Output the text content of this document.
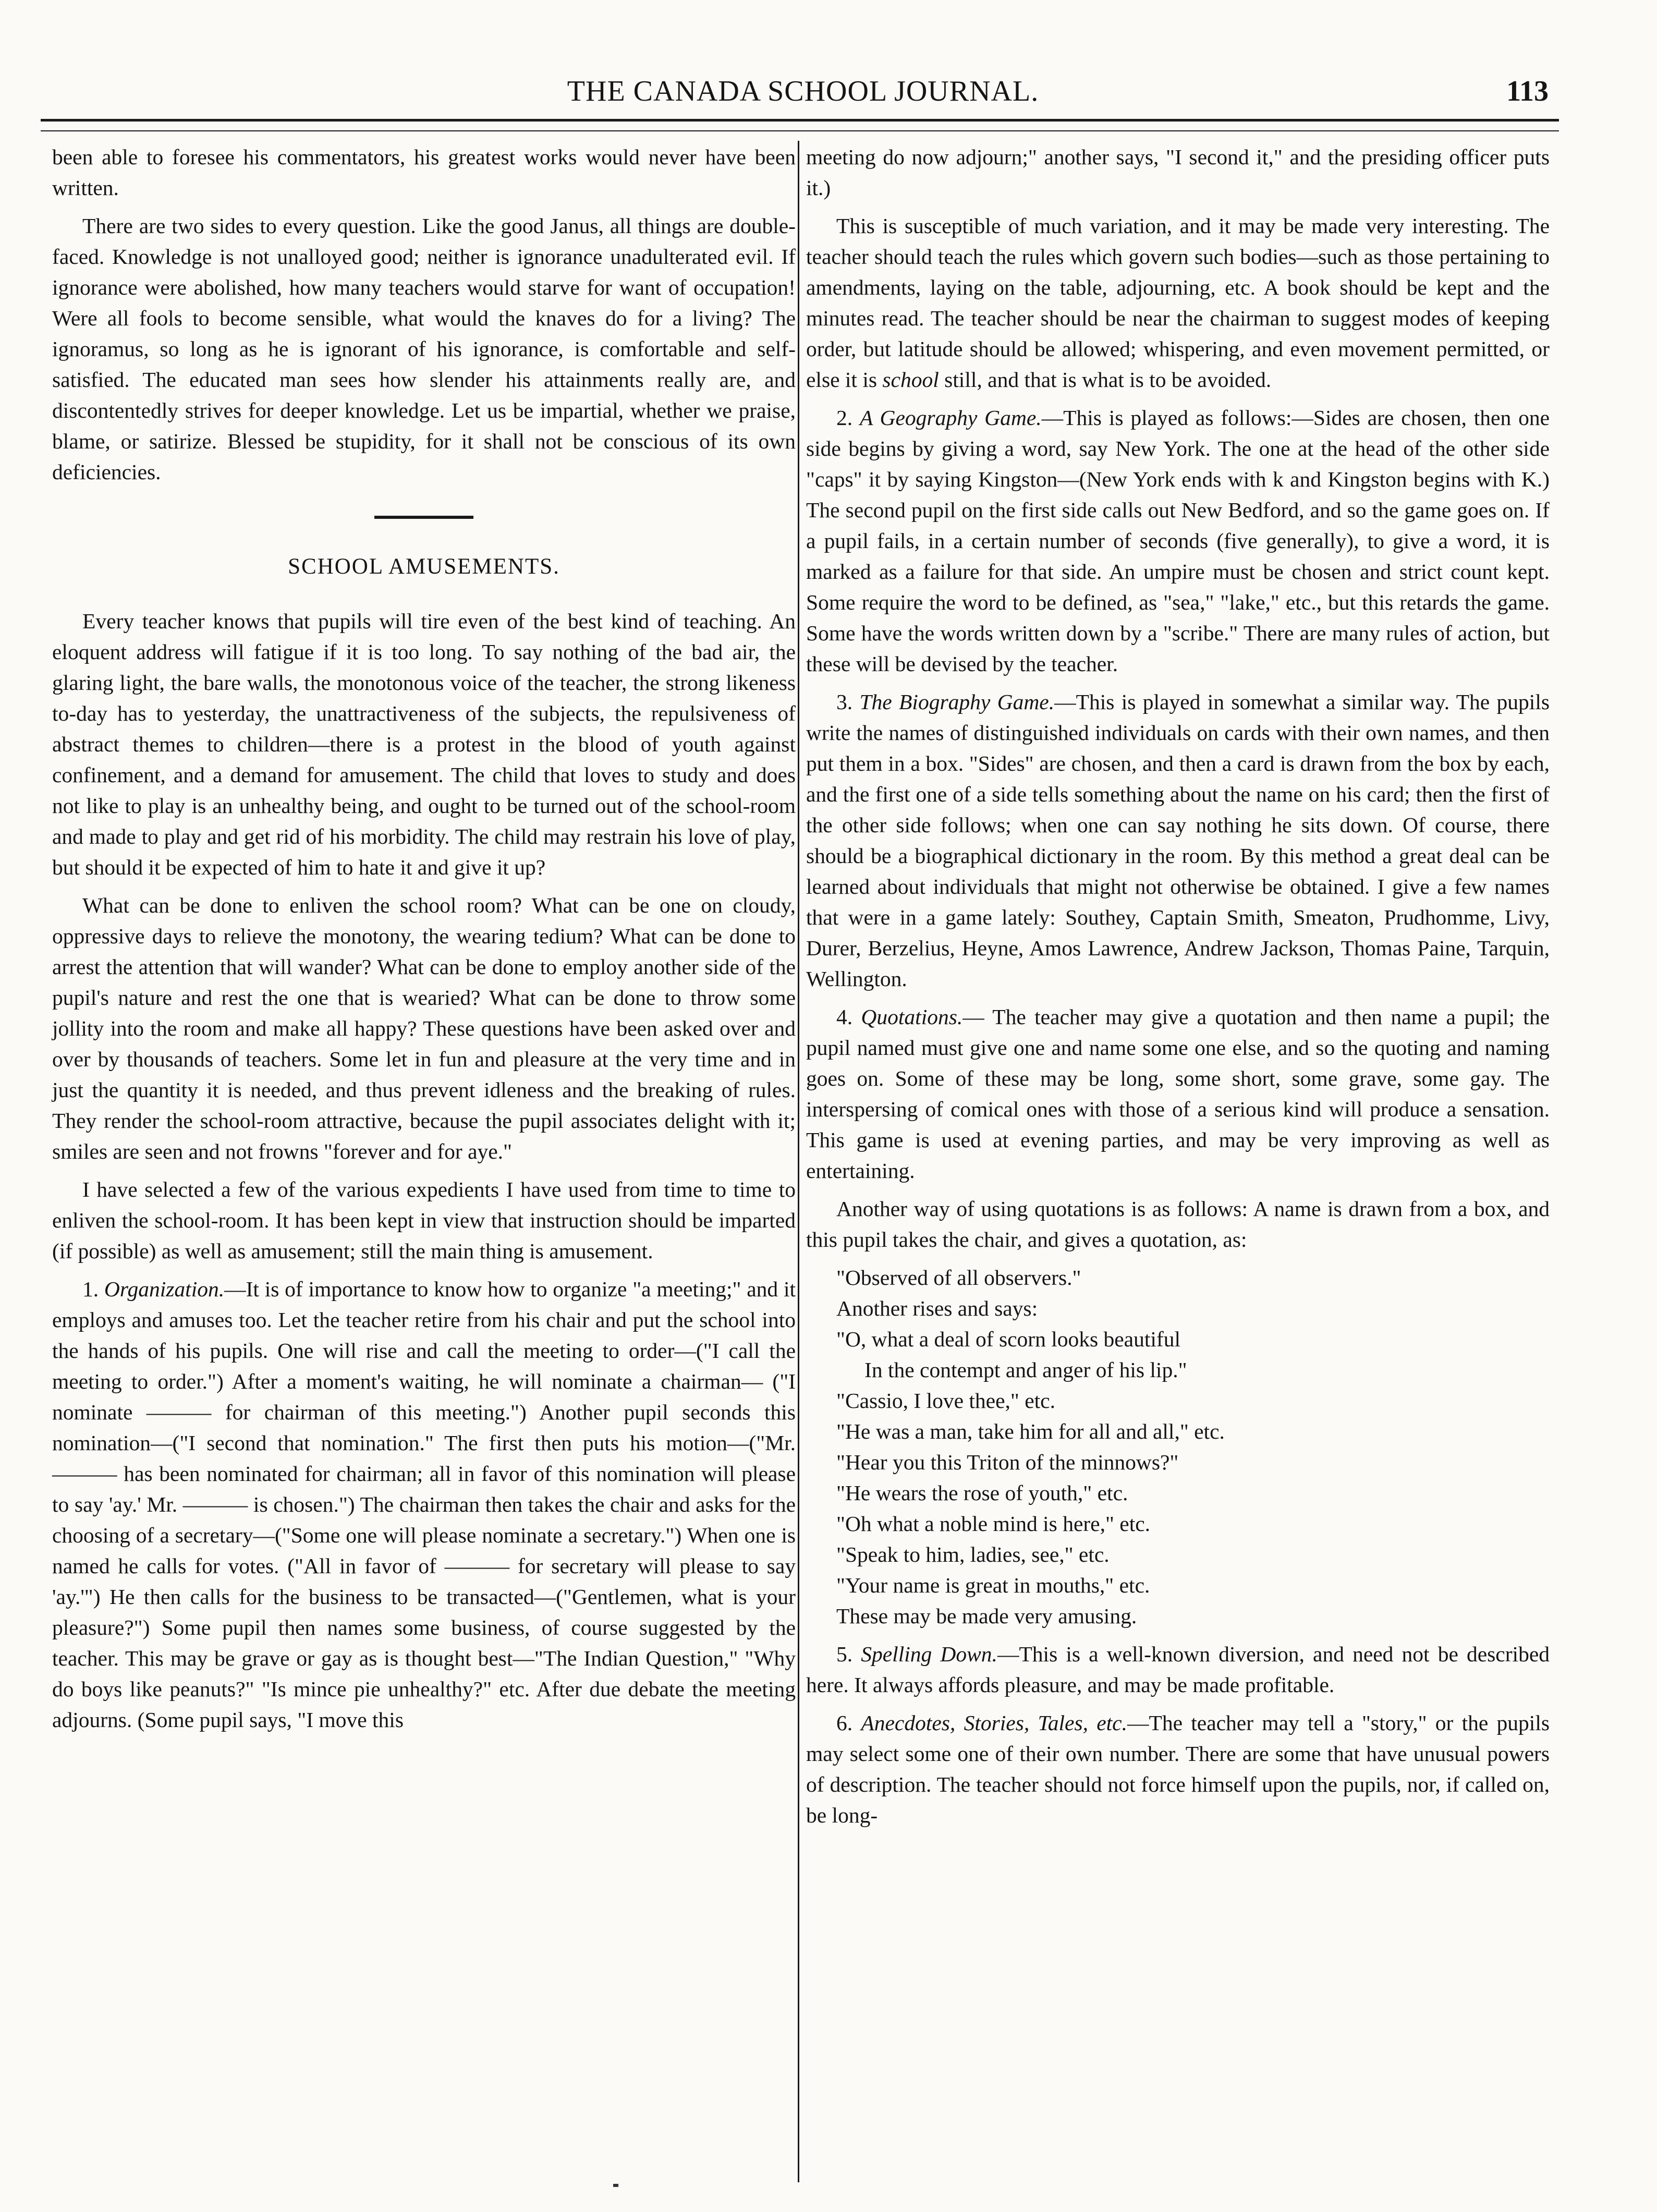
THE CANADA SCHOOL JOURNAL.	113

been able to foresee his commentators, his greatest works would never have been written.

There are two sides to every question. Like the good Janus, all things are double-faced. Knowledge is not unalloyed good; neither is ignorance unadulterated evil. If ignorance were abolished, how many teachers would starve for want of occupation! Were all fools to become sensible, what would the knaves do for a living? The ignoramus, so long as he is ignorant of his ignorance, is comfortable and self-satisfied. The educated man sees how slender his attainments really are, and discontentedly strives for deeper knowledge. Let us be impartial, whether we praise, blame, or satirize. Blessed be stupidity, for it shall not be conscious of its own deficiencies.

SCHOOL AMUSEMENTS.

Every teacher knows that pupils will tire even of the best kind of teaching. An eloquent address will fatigue if it is too long. To say nothing of the bad air, the glaring light, the bare walls, the monotonous voice of the teacher, the strong likeness to-day has to yesterday, the unattractiveness of the subjects, the repulsiveness of abstract themes to children—there is a protest in the blood of youth against confinement, and a demand for amusement. The child that loves to study and does not like to play is an unhealthy being, and ought to be turned out of the school-room and made to play and get rid of his morbidity. The child may restrain his love of play, but should it be expected of him to hate it and give it up?

What can be done to enliven the school room? What can be one on cloudy, oppressive days to relieve the monotony, the wearing tedium? What can be done to arrest the attention that will wander? What can be done to employ another side of the pupil's nature and rest the one that is wearied? What can be done to throw some jollity into the room and make all happy? These questions have been asked over and over by thousands of teachers. Some let in fun and pleasure at the very time and in just the quantity it is needed, and thus prevent idleness and the breaking of rules. They render the school-room attractive, because the pupil associates delight with it; smiles are seen and not frowns "forever and for aye."

I have selected a few of the various expedients I have used from time to time to enliven the school-room. It has been kept in view that instruction should be imparted (if possible) as well as amusement; still the main thing is amusement.

1. Organization.—It is of importance to know how to organize "a meeting;" and it employs and amuses too. Let the teacher retire from his chair and put the school into the hands of his pupils. One will rise and call the meeting to order—("I call the meeting to order.") After a moment's waiting, he will nominate a chairman— ("I nominate ——— for chairman of this meeting.") Another pupil seconds this nomination—("I second that nomination." The first then puts his motion—("Mr. ——— has been nominated for chairman; all in favor of this nomination will please to say 'ay.' Mr. ——— is chosen.") The chairman then takes the chair and asks for the choosing of a secretary—("Some one will please nominate a secretary.") When one is named he calls for votes. ("All in favor of ——— for secretary will please to say 'ay.'") He then calls for the business to be transacted—("Gentlemen, what is your pleasure?") Some pupil then names some business, of course suggested by the teacher. This may be grave or gay as is thought best—"The Indian Question," "Why do boys like peanuts?" "Is mince pie unhealthy?" etc. After due debate the meeting adjourns. (Some pupil says, "I move this

meeting do now adjourn;" another says, "I second it," and the presiding officer puts it.)

This is susceptible of much variation, and it may be made very interesting. The teacher should teach the rules which govern such bodies—such as those pertaining to amendments, laying on the table, adjourning, etc. A book should be kept and the minutes read. The teacher should be near the chairman to suggest modes of keeping order, but latitude should be allowed; whispering, and even movement permitted, or else it is school still, and that is what is to be avoided.

2. A Geography Game.—This is played as follows:—Sides are chosen, then one side begins by giving a word, say New York. The one at the head of the other side "caps" it by saying Kingston—(New York ends with k and Kingston begins with K.) The second pupil on the first side calls out New Bedford, and so the game goes on. If a pupil fails, in a certain number of seconds (five generally), to give a word, it is marked as a failure for that side. An umpire must be chosen and strict count kept. Some require the word to be defined, as "sea," "lake," etc., but this retards the game. Some have the words written down by a "scribe." There are many rules of action, but these will be devised by the teacher.

3. The Biography Game.—This is played in somewhat a similar way. The pupils write the names of distinguished individuals on cards with their own names, and then put them in a box. "Sides" are chosen, and then a card is drawn from the box by each, and the first one of a side tells something about the name on his card; then the first of the other side follows; when one can say nothing he sits down. Of course, there should be a biographical dictionary in the room. By this method a great deal can be learned about individuals that might not otherwise be obtained. I give a few names that were in a game lately: Southey, Captain Smith, Smeaton, Prudhomme, Livy, Durer, Berzelius, Heyne, Amos Lawrence, Andrew Jackson, Thomas Paine, Tarquin, Wellington.

4. Quotations.— The teacher may give a quotation and then name a pupil; the pupil named must give one and name some one else, and so the quoting and naming goes on. Some of these may be long, some short, some grave, some gay. The interspersing of comical ones with those of a serious kind will produce a sensation. This game is used at evening parties, and may be very improving as well as entertaining.

Another way of using quotations is as follows: A name is drawn from a box, and this pupil takes the chair, and gives a quotation, as:

"Observed of all observers."
Another rises and says:
"O, what a deal of scorn looks beautiful
In the contempt and anger of his lip."
"Cassio, I love thee," etc.
"He was a man, take him for all and all," etc.
"Hear you this Triton of the minnows?"
"He wears the rose of youth," etc.
"Oh what a noble mind is here," etc.
"Speak to him, ladies, see," etc.
"Your name is great in mouths," etc.
These may be made very amusing.

5. Spelling Down.—This is a well-known diversion, and need not be described here. It always affords pleasure, and may be made profitable.

6. Anecdotes, Stories, Tales, etc.—The teacher may tell a "story," or the pupils may select some one of their own number. There are some that have unusual powers of description. The teacher should not force himself upon the pupils, nor, if called on, be long-
